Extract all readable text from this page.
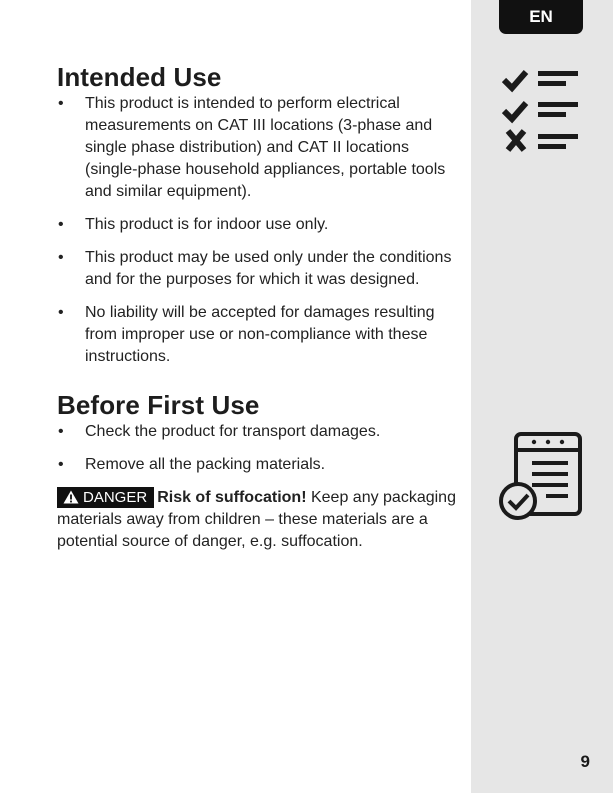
EN
9
Intended Use
• This product is intended to perform electrical measurements on CAT III locations (3-phase and single phase distribution) and CAT II locations (single-phase household appliances, portable tools and similar equipment).
• This product is for indoor use only.
• This product may be used only under the conditions and for the purposes for which it was designed.
• No liability will be accepted for damages resulting from improper use or non-compliance with these instructions.
Before First Use
• Check the product for transport damages.
• Remove all the packing materials.

DANGER Risk of suffocation! Keep any packaging materials away from children – these materials are a potential source of danger, e.g. suffocation.
